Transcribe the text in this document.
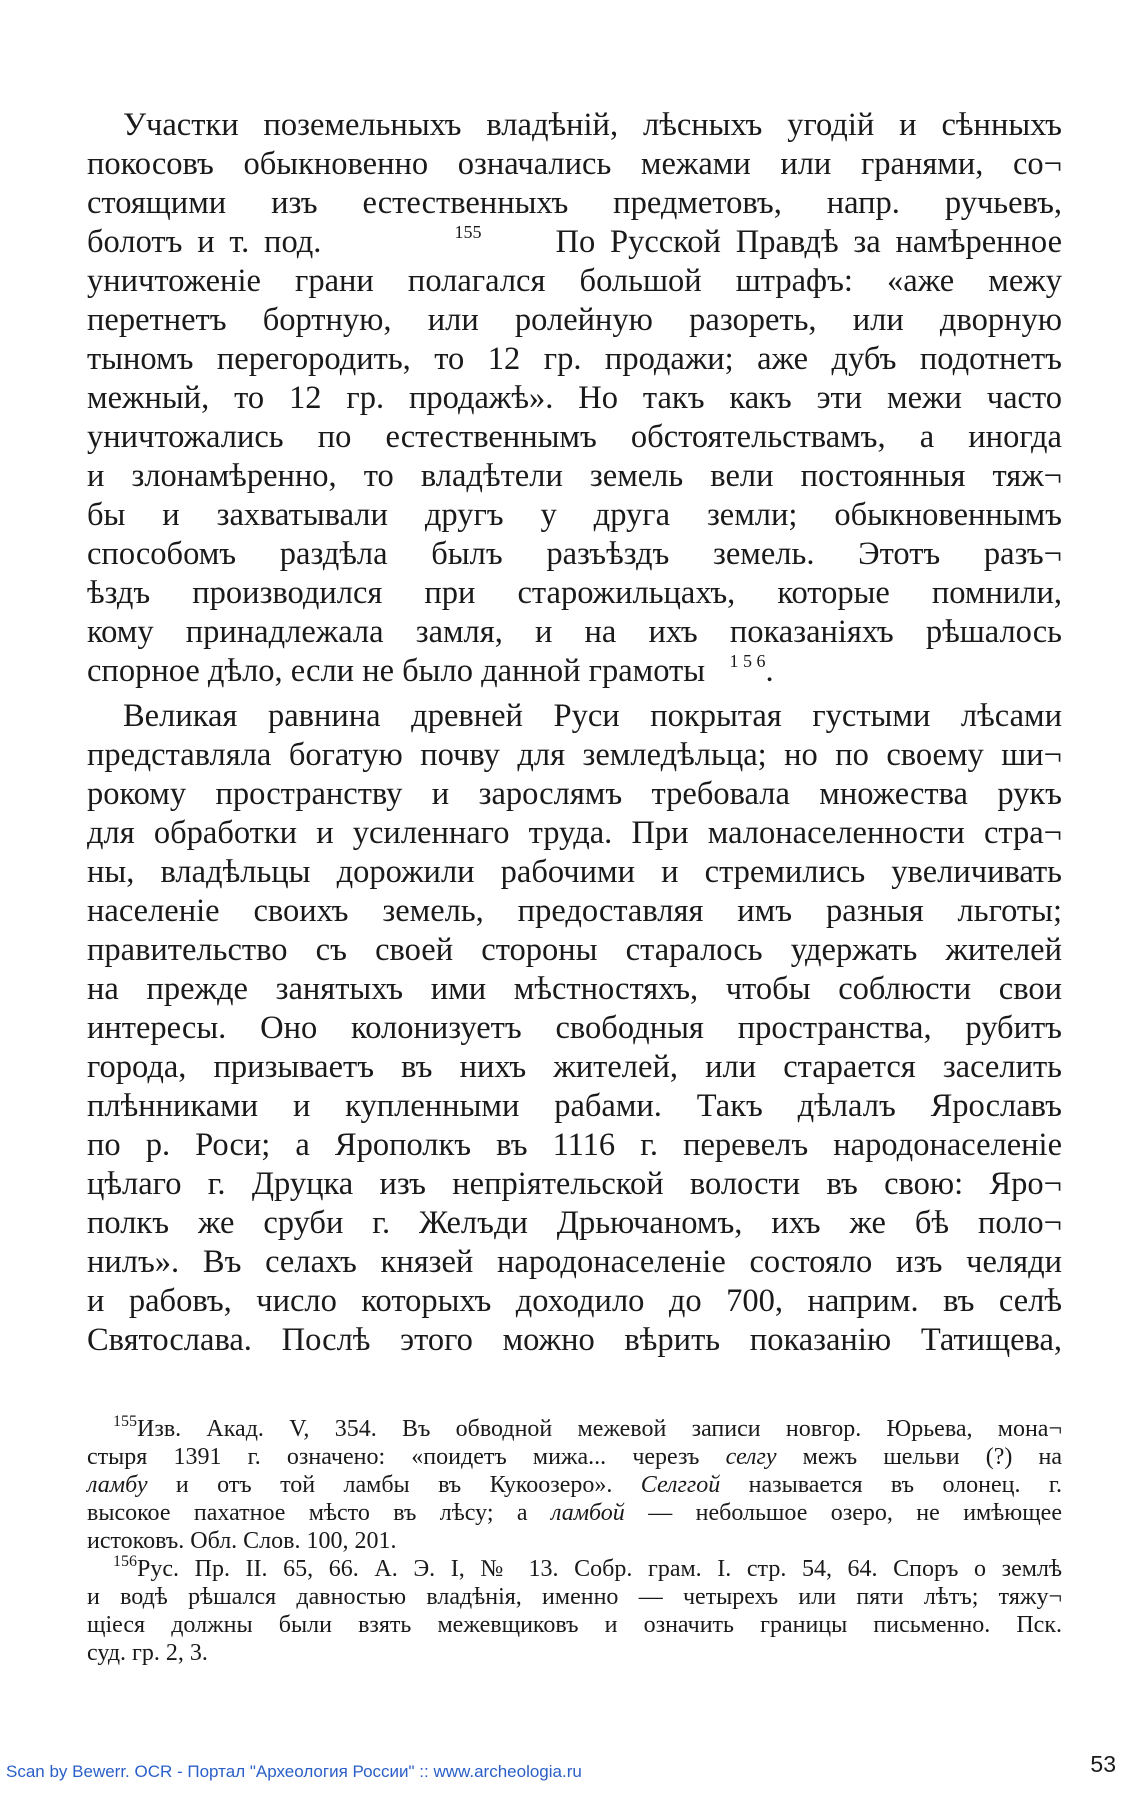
Участки поземельныхъ владѣній, лѣсныхъ угодій и сѣнныхъ
покосовъ обыкновенно означались межами или гранями, со¬
стоящими изъ естественныхъ предметовъ, напр. ручьевъ,
болотъ и т. под.	$^{155}$ По Русской Правдѣ за намѣренное
уничтоженіе грани полагался большой штрафъ: «аже межу
перетнетъ бортную, или ролейную разореть, или дворную
тыномъ перегородить, то 12 гр. продажи; аже дубъ подотнетъ
межный, то 12 гр. продажѣ». Но такъ какъ эти межи часто
уничтожались по естественнымъ обстоятельствамъ, а иногда
и злонамѣренно, то владѣтели земель вели постоянныя тяж¬
бы и захватывали другъ у друга земли; обыкновеннымъ
способомъ раздѣла былъ разъѣздъ земель. Этотъ разъ¬
ѣздъ производился при старожильцахъ, которые помнили,
кому принадлежала замля, и на ихъ показаніяхъ рѣшалось
спорное дѣло, если не было данной грамоты $^{1 5 6}$.
Великая равнина древней Руси покрытая густыми лѣсами
представляла богатую почву для земледѣльца; но по своему ши¬
рокому пространству и зарослямъ требовала множества рукъ
для обработки и усиленнаго труда. При малонаселенности стра¬
ны, владѣльцы дорожили рабочими и стремились увеличивать
населеніе своихъ земель, предоставляя имъ разныя льготы;
правительство съ своей стороны старалось удержать жителей
на прежде занятыхъ ими мѣстностяхъ, чтобы соблюсти свои
интересы. Оно колонизуетъ свободныя пространства, рубитъ
города, призываетъ въ нихъ жителей, или старается заселить
плѣнниками и купленными рабами. Такъ дѣлалъ Ярославъ
по р. Роси; а Ярополкъ въ 1116 г. перевелъ народонаселеніе
цѣлаго г. Друцка изъ непріятельской волости въ свою: Яро¬
полкъ же сруби г. Желъди Дрьючаномъ, ихъ же бѣ поло¬
нилъ». Въ селахъ князей народонаселеніе состояло изъ челяди
и рабовъ, число которыхъ доходило до 700, наприм. въ селѣ
Святослава. Послѣ этого можно вѣрить показанію Татищева,
$^{155}$Изв. Акад. V, 354. Въ обводной межевой записи новгор. Юрьева, мона¬
стыря 1391 г. означено: «поидетъ мижа... черезъ селгу межъ шельви (?) на
ламбу и отъ той ламбы въ Кукоозеро». Селггой называется въ олонец. г.
высокое пахатное мѣсто въ лѣсу; а ламбой — небольшое озеро, не имѣющее
истоковъ. Обл. Слов. 100, 201.
$^{156}$Рус. Пр. II. 65, 66. А. Э. I, № 13. Собр. грам. I. стр. 54, 64. Споръ о землѣ
и водѣ рѣшался давностью владѣнія, именно — четырехъ или пяти лѣтъ; тяжу¬
щіеся должны были взять межевщиковъ и означить границы письменно. Пск.
суд. гр. 2, 3.
Scan by Bewerr. OCR - Портал "Археология России" :: www.archeologia.ru	53
